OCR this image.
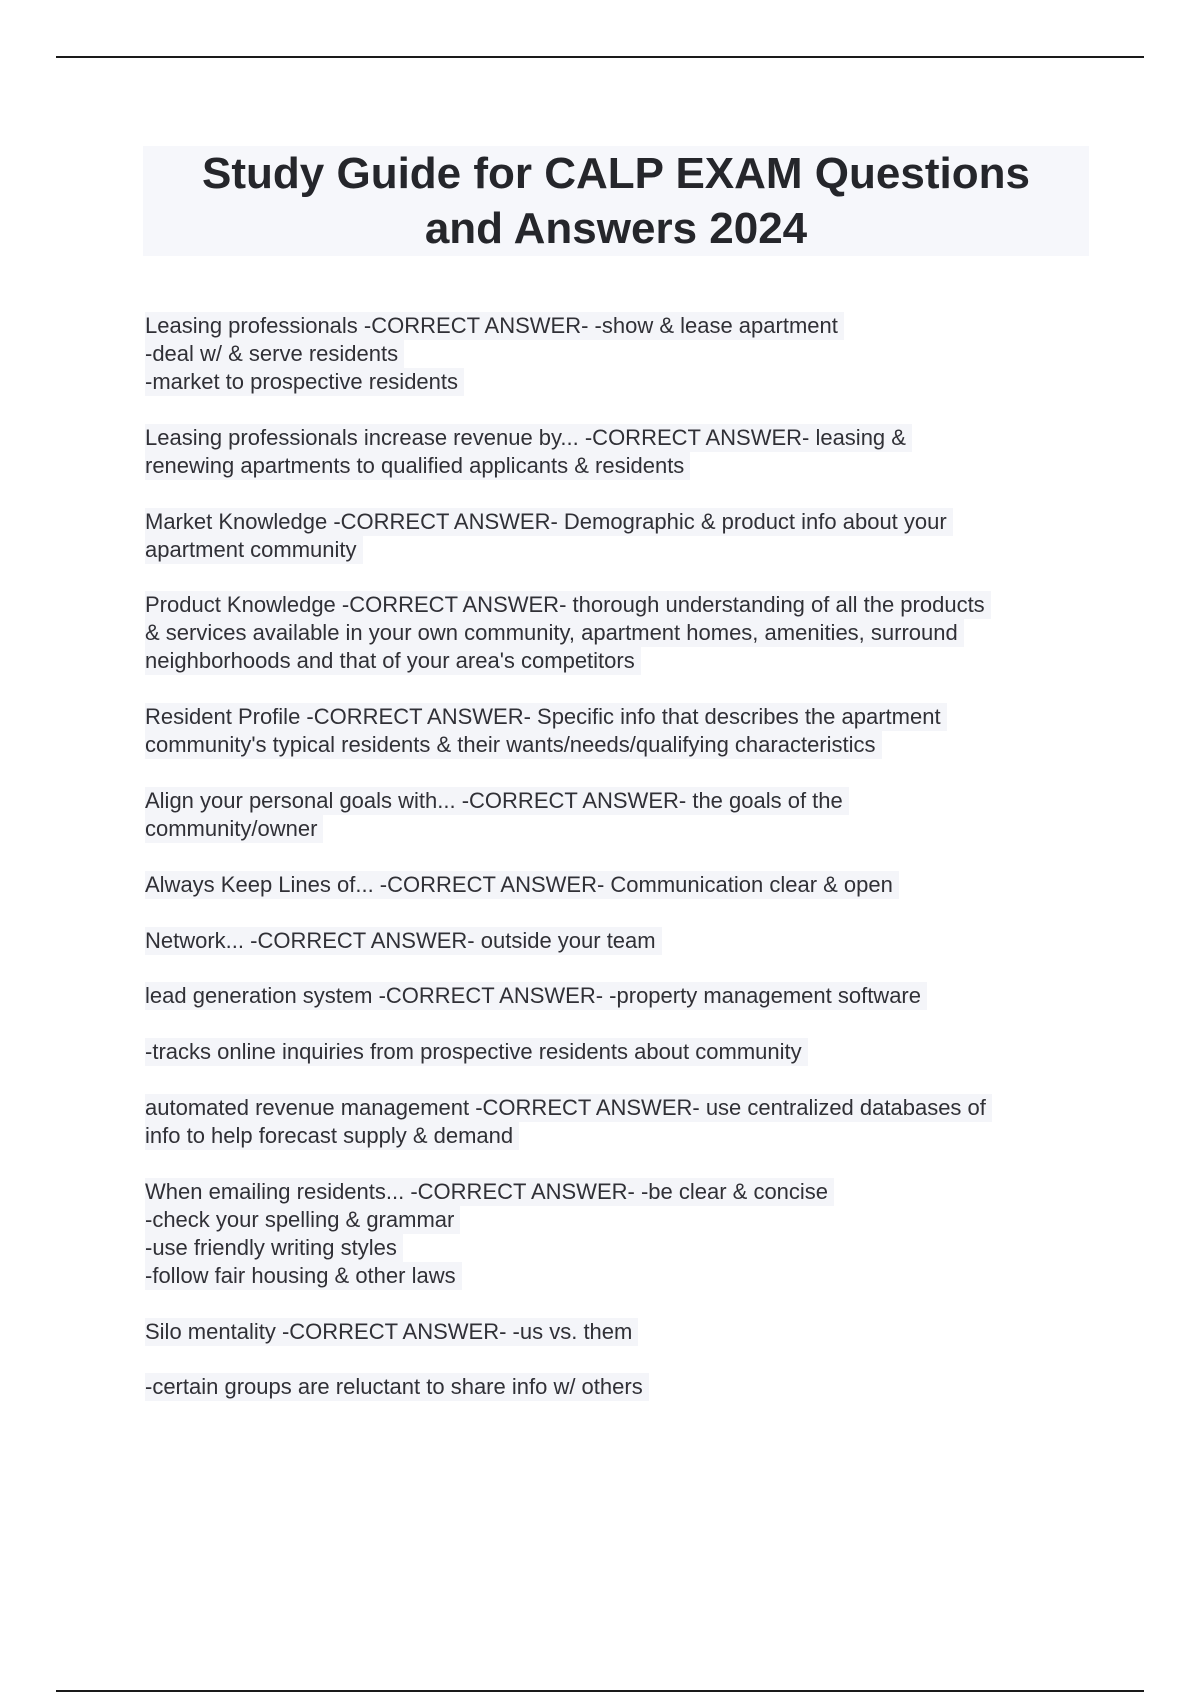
Study Guide for CALP EXAM Questions
and Answers 2024
Leasing professionals -CORRECT ANSWER- -show & lease apartment
-deal w/ & serve residents
-market to prospective residents
Leasing professionals increase revenue by... -CORRECT ANSWER- leasing &
renewing apartments to qualified applicants & residents
Market Knowledge -CORRECT ANSWER- Demographic & product info about your
apartment community
Product Knowledge -CORRECT ANSWER- thorough understanding of all the products
& services available in your own community, apartment homes, amenities, surround
neighborhoods and that of your area's competitors
Resident Profile -CORRECT ANSWER- Specific info that describes the apartment
community's typical residents & their wants/needs/qualifying characteristics
Align your personal goals with... -CORRECT ANSWER- the goals of the
community/owner
Always Keep Lines of... -CORRECT ANSWER- Communication clear & open
Network... -CORRECT ANSWER- outside your team
lead generation system -CORRECT ANSWER- -property management software
-tracks online inquiries from prospective residents about community
automated revenue management -CORRECT ANSWER- use centralized databases of
info to help forecast supply & demand
When emailing residents... -CORRECT ANSWER- -be clear & concise
-check your spelling & grammar
-use friendly writing styles
-follow fair housing & other laws
Silo mentality -CORRECT ANSWER- -us vs. them
-certain groups are reluctant to share info w/ others
